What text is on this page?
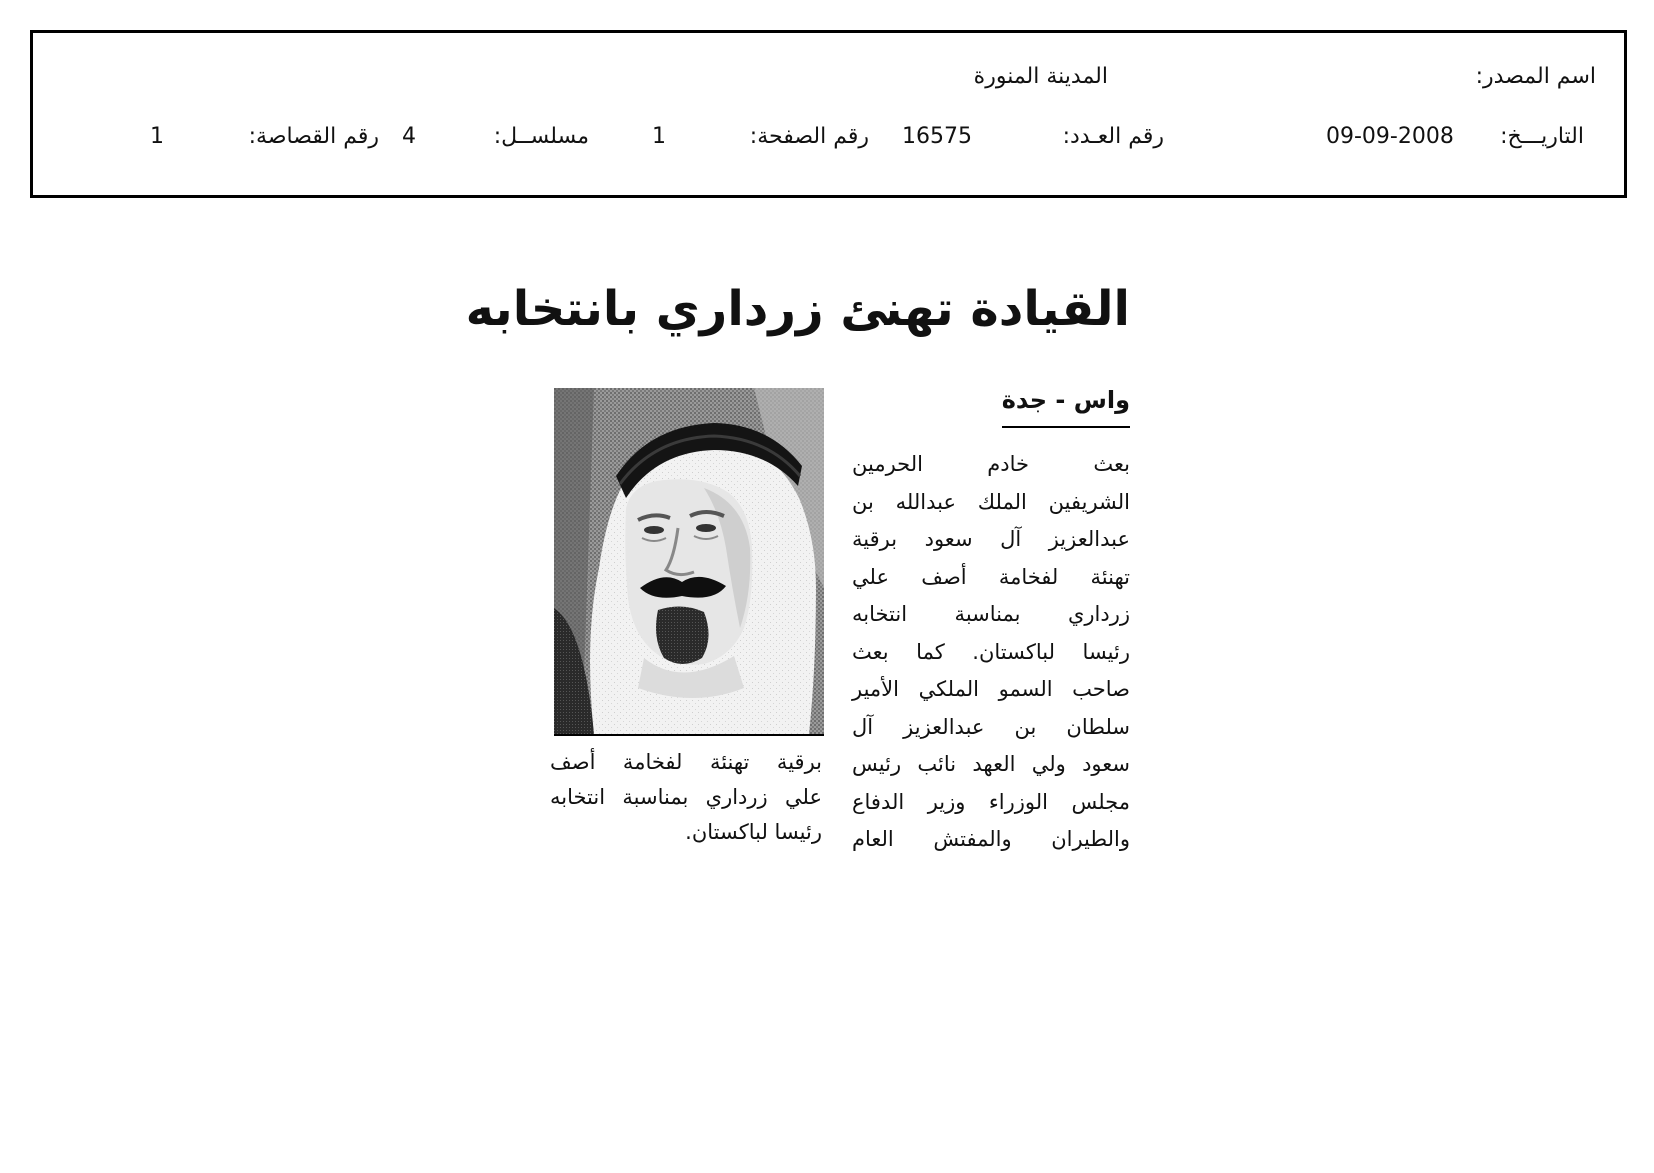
اسم المصدر:
المدينة المنورة
التاريـــخ:
09-09-2008
رقم العـدد:
16575
رقم الصفحة:
1
مسلســل:
4
رقم القصاصة:
1
القيادة تهنئ زرداري بانتخابه
واس - جدة
بعث خادم الحرمين
الشريفين الملك عبدالله بن
عبدالعزيز آل سعود برقية
تهنئة لفخامة أصف علي
زرداري بمناسبة انتخابه
رئيسا لباكستان. كما بعث
صاحب السمو الملكي الأمير
سلطان بن عبدالعزيز آل
سعود ولي العهد نائب رئيس
مجلس الوزراء وزير الدفاع
والطيران والمفتش العام
برقية تهنئة لفخامة أصف
علي زرداري بمناسبة انتخابه
رئيسا لباكستان.
